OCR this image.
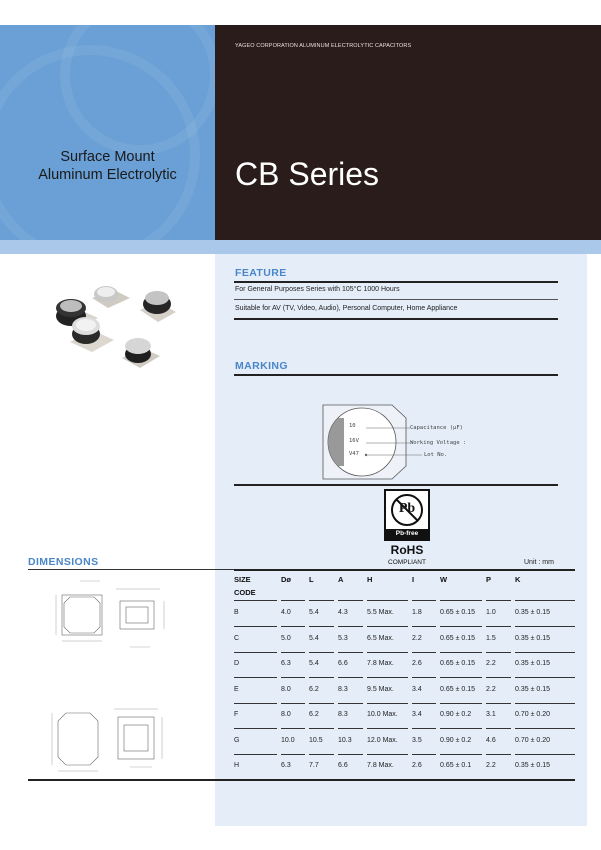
YAGEO CORPORATION ALUMINUM ELECTROLYTIC CAPACITORS
Surface Mount
Aluminum Electrolytic	CB Series
FEATURE
For General Purposes Series with 105°C 1000 Hours
Suitable for AV (TV, Video, Audio), Personal Computer, Home Appliance
MARKING
10
16V
V47
Capacitance (µF)
Working Voltage :
Lot No.
Pb
Pb-free
RoHS
COMPLIANT
DIMENSIONS	Unit : mm
SIZE	Dø L	A	H	I	W	P	K
CODE
B	4.0	5.4	4.3	5.5 Max.	1.8	0.65 ± 0.15 1.0	0.35 ± 0.15
C	5.0	5.4	5.3	6.5 Max.	2.2	0.65 ± 0.15 1.5	0.35 ± 0.15
D	6.3	5.4	6.6	7.8 Max.	2.6	0.65 ± 0.15 2.2	0.35 ± 0.15
E	8.0	6.2	8.3	9.5 Max.	3.4	0.65 ± 0.15 2.2	0.35 ± 0.15
F	8.0	6.2	8.3	10.0 Max. 3.4	0.90 ± 0.2 3.1	0.70 ± 0.20
G	10.0 10.5 10.3 12.0 Max. 3.5	0.90 ± 0.2 4.6	0.70 ± 0.20
H	6.3	7.7	6.6	7.8 Max.	2.6	0.65 ± 0.1 2.2	0.35 ± 0.15
